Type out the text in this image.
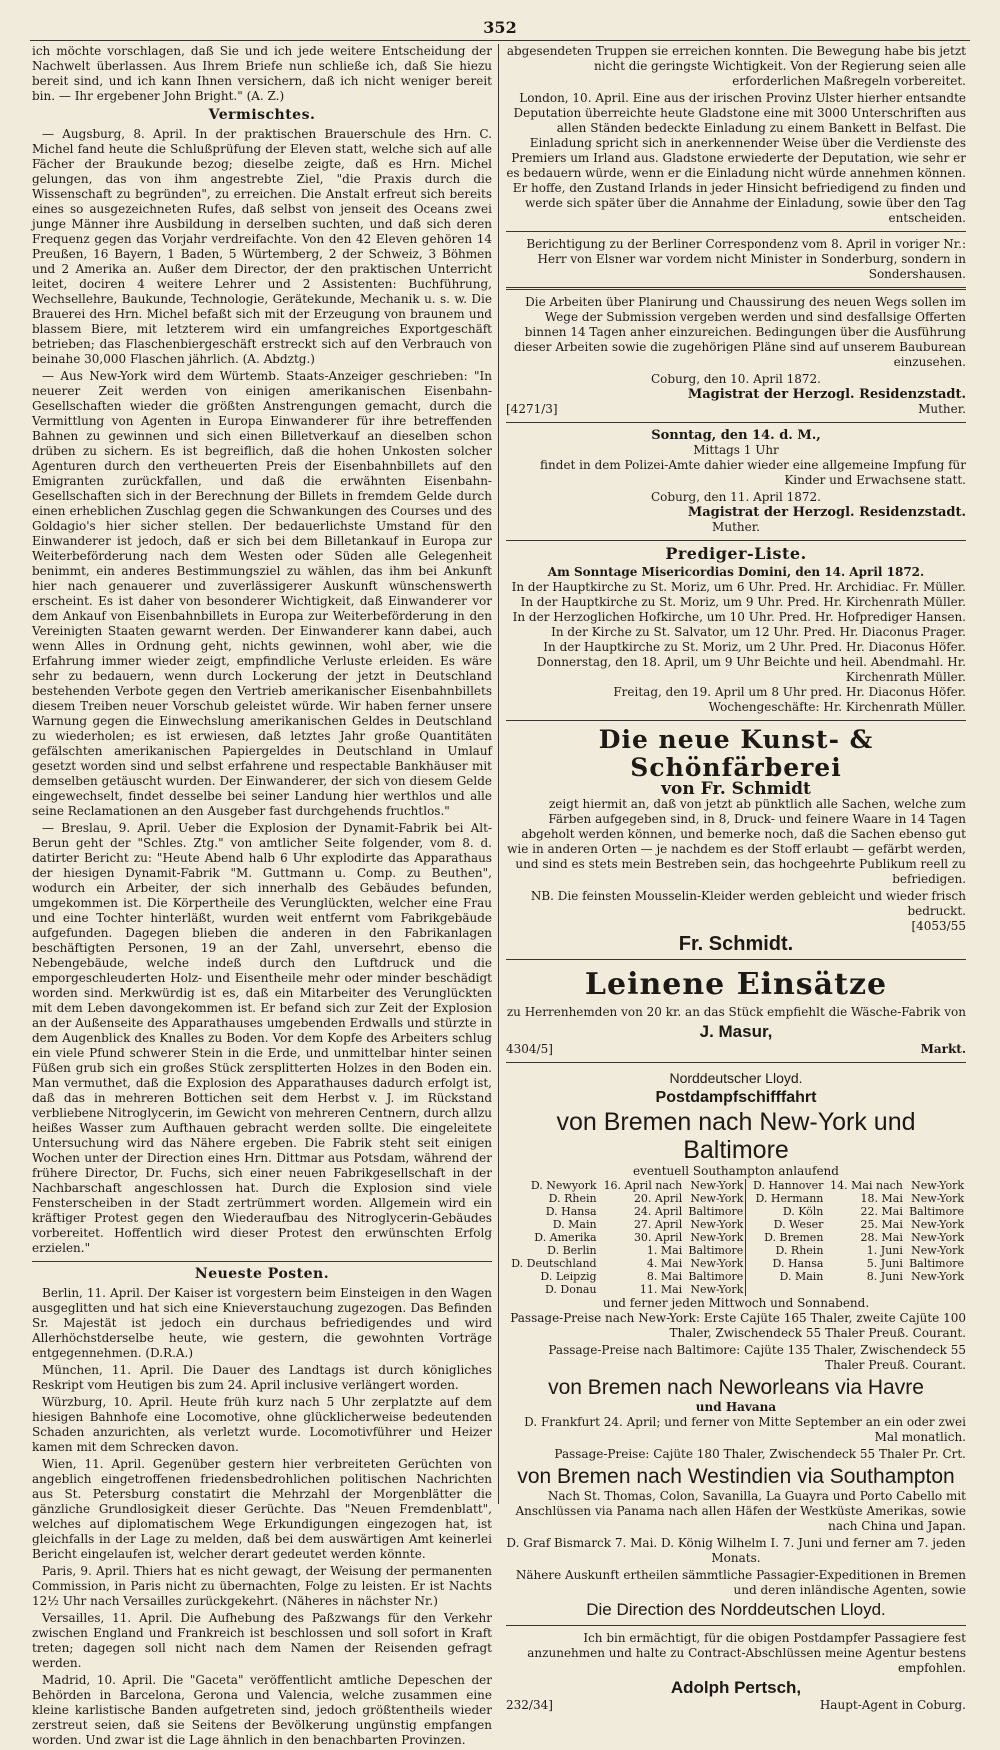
352

ich möchte vorschlagen, daß Sie und ich jede weitere Entscheidung der Nachwelt überlassen. Aus Ihrem Briefe nun schließe ich, daß Sie hiezu bereit sind, und ich kann Ihnen versichern, daß ich nicht weniger bereit bin. — Ihr ergebener John Bright." (A. Z.)

Vermischtes.

— Augsburg, 8. April. In der praktischen Brauerschule des Hrn. C. Michel fand heute die Schlußprüfung der Eleven statt, welche sich auf alle Fächer der Braukunde bezog; dieselbe zeigte, daß es Hrn. Michel gelungen, das von ihm angestrebte Ziel, "die Praxis durch die Wissenschaft zu begründen", zu erreichen. Die Anstalt erfreut sich bereits eines so ausgezeichneten Rufes, daß selbst von jenseit des Oceans zwei junge Männer ihre Ausbildung in derselben suchten, und daß sich deren Frequenz gegen das Vorjahr verdreifachte. Von den 42 Eleven gehören 14 Preußen, 16 Bayern, 1 Baden, 5 Würtemberg, 2 der Schweiz, 3 Böhmen und 2 Amerika an. Außer dem Director, der den praktischen Unterricht leitet, dociren 4 weitere Lehrer und 2 Assistenten: Buchführung, Wechsellehre, Baukunde, Technologie, Gerätekunde, Mechanik u. s. w. Die Brauerei des Hrn. Michel befaßt sich mit der Erzeugung von braunem und blassem Biere, mit letzterem wird ein umfangreiches Exportgeschäft betrieben; das Flaschenbiergeschäft erstreckt sich auf den Verbrauch von beinahe 30,000 Flaschen jährlich. (A. Abdztg.)

— Aus New-York wird dem Würtemb. Staats-Anzeiger geschrieben: "In neuerer Zeit werden von einigen amerikanischen Eisenbahn-Gesellschaften wieder die größten Anstrengungen gemacht, durch die Vermittlung von Agenten in Europa Einwanderer für ihre betreffenden Bahnen zu gewinnen und sich einen Billetverkauf an dieselben schon drüben zu sichern. Es ist begreiflich, daß die hohen Unkosten solcher Agenturen durch den vertheuerten Preis der Eisenbahnbillets auf den Emigranten zurückfallen, und daß die erwähnten Eisenbahn-Gesellschaften sich in der Berechnung der Billets in fremdem Gelde durch einen erheblichen Zuschlag gegen die Schwankungen des Courses und des Goldagio's hier sicher stellen. Der bedauerlichste Umstand für den Einwanderer ist jedoch, daß er sich bei dem Billetankauf in Europa zur Weiterbeförderung nach dem Westen oder Süden alle Gelegenheit benimmt, ein anderes Bestimmungsziel zu wählen, das ihm bei Ankunft hier nach genauerer und zuverlässigerer Auskunft wünschenswerth erscheint. Es ist daher von besonderer Wichtigkeit, daß Einwanderer vor dem Ankauf von Eisenbahnbillets in Europa zur Weiterbeförderung in den Vereinigten Staaten gewarnt werden. Der Einwanderer kann dabei, auch wenn Alles in Ordnung geht, nichts gewinnen, wohl aber, wie die Erfahrung immer wieder zeigt, empfindliche Verluste erleiden. Es wäre sehr zu bedauern, wenn durch Lockerung der jetzt in Deutschland bestehenden Verbote gegen den Vertrieb amerikanischer Eisenbahnbillets diesem Treiben neuer Vorschub geleistet würde. Wir haben ferner unsere Warnung gegen die Einwechslung amerikanischen Geldes in Deutschland zu wiederholen; es ist erwiesen, daß letztes Jahr große Quantitäten gefälschten amerikanischen Papiergeldes in Deutschland in Umlauf gesetzt worden sind und selbst erfahrene und respectable Bankhäuser mit demselben getäuscht wurden. Der Einwanderer, der sich von diesem Gelde eingewechselt, findet desselbe bei seiner Landung hier werthlos und alle seine Reclamationen an den Ausgeber fast durchgehends fruchtlos."

— Breslau, 9. April. Ueber die Explosion der Dynamit-Fabrik bei Alt-Berun geht der "Schles. Ztg." von amtlicher Seite folgender, vom 8. d. datirter Bericht zu: "Heute Abend halb 6 Uhr explodirte das Apparathaus der hiesigen Dynamit-Fabrik "M. Guttmann u. Comp. zu Beuthen", wodurch ein Arbeiter, der sich innerhalb des Gebäudes befunden, umgekommen ist. Die Körpertheile des Verunglückten, welcher eine Frau und eine Tochter hinterläßt, wurden weit entfernt vom Fabrikgebäude aufgefunden. Dagegen blieben die anderen in den Fabrikanlagen beschäftigten Personen, 19 an der Zahl, unversehrt, ebenso die Nebengebäude, welche indeß durch den Luftdruck und die emporgeschleuderten Holz- und Eisentheile mehr oder minder beschädigt worden sind. Merkwürdig ist es, daß ein Mitarbeiter des Verunglückten mit dem Leben davongekommen ist. Er befand sich zur Zeit der Explosion an der Außenseite des Apparathauses umgebenden Erdwalls und stürzte in dem Augenblick des Knalles zu Boden. Vor dem Kopfe des Arbeiters schlug ein viele Pfund schwerer Stein in die Erde, und unmittelbar hinter seinen Füßen grub sich ein großes Stück zersplitterten Holzes in den Boden ein. Man vermuthet, daß die Explosion des Apparathauses dadurch erfolgt ist, daß das in mehreren Bottichen seit dem Herbst v. J. im Rückstand verbliebene Nitroglycerin, im Gewicht von mehreren Centnern, durch allzu heißes Wasser zum Aufthauen gebracht werden sollte. Die eingeleitete Untersuchung wird das Nähere ergeben. Die Fabrik steht seit einigen Wochen unter der Direction eines Hrn. Dittmar aus Potsdam, während der frühere Director, Dr. Fuchs, sich einer neuen Fabrikgesellschaft in der Nachbarschaft angeschlossen hat. Durch die Explosion sind viele Fensterscheiben in der Stadt zertrümmert worden. Allgemein wird ein kräftiger Protest gegen den Wiederaufbau des Nitroglycerin-Gebäudes vorbereitet. Hoffentlich wird dieser Protest den erwünschten Erfolg erzielen."

Neueste Posten.

Berlin, 11. April. Der Kaiser ist vorgestern beim Einsteigen in den Wagen ausgeglitten und hat sich eine Knieverstauchung zugezogen. Das Befinden Sr. Majestät ist jedoch ein durchaus befriedigendes und wird Allerhöchstderselbe heute, wie gestern, die gewohnten Vorträge entgegennehmen. (D.R.A.)

München, 11. April. Die Dauer des Landtags ist durch königliches Reskript vom Heutigen bis zum 24. April inclusive verlängert worden.

Würzburg, 10. April. Heute früh kurz nach 5 Uhr zerplatzte auf dem hiesigen Bahnhofe eine Locomotive, ohne glücklicherweise bedeutenden Schaden anzurichten, als verletzt wurde. Locomotivführer und Heizer kamen mit dem Schrecken davon.

Wien, 11. April. Gegenüber gestern hier verbreiteten Gerüchten von angeblich eingetroffenen friedensbedrohlichen politischen Nachrichten aus St. Petersburg constatirt die Mehrzahl der Morgenblätter die gänzliche Grundlosigkeit dieser Gerüchte. Das "Neuen Fremdenblatt", welches auf diplomatischem Wege Erkundigungen eingezogen hat, ist gleichfalls in der Lage zu melden, daß bei dem auswärtigen Amt keinerlei Bericht eingelaufen ist, welcher derart gedeutet werden könnte.

Paris, 9. April. Thiers hat es nicht gewagt, der Weisung der permanenten Commission, in Paris nicht zu übernachten, Folge zu leisten. Er ist Nachts 12½ Uhr nach Versailles zurückgekehrt. (Näheres in nächster Nr.)

Versailles, 11. April. Die Aufhebung des Paßzwangs für den Verkehr zwischen England und Frankreich ist beschlossen und soll sofort in Kraft treten; dagegen soll nicht nach dem Namen der Reisenden gefragt werden.

Madrid, 10. April. Die "Gaceta" veröffentlicht amtliche Depeschen der Behörden in Barcelona, Gerona und Valencia, welche zusammen eine kleine karlistische Banden aufgetreten sind, jedoch größtentheils wieder zerstreut seien, daß sie Seitens der Bevölkerung ungünstig empfangen worden. Und zwar ist die Lage ähnlich in den benachbarten Provinzen.

abgesendeten Truppen sie erreichen konnten. Die Bewegung habe bis jetzt nicht die geringste Wichtigkeit. Von der Regierung seien alle erforderlichen Maßregeln vorbereitet.

London, 10. April. Eine aus der irischen Provinz Ulster hierher entsandte Deputation überreichte heute Gladstone eine mit 3000 Unterschriften aus allen Ständen bedeckte Einladung zu einem Bankett in Belfast. Die Einladung spricht sich in anerkennender Weise über die Verdienste des Premiers um Irland aus. Gladstone erwiederte der Deputation, wie sehr er es bedauern würde, wenn er die Einladung nicht würde annehmen können. Er hoffe, den Zustand Irlands in jeder Hinsicht befriedigend zu finden und werde sich später über die Annahme der Einladung, sowie über den Tag entscheiden.

Berichtigung zu der Berliner Correspondenz vom 8. April in voriger Nr.: Herr von Elsner war vordem nicht Minister in Sonderburg, sondern in Sondershausen.

Die Arbeiten über Planirung und Chaussirung des neuen Wegs sollen im Wege der Submission vergeben werden und sind desfallsige Offerten binnen 14 Tagen anher einzureichen. Bedingungen über die Ausführung dieser Arbeiten sowie die zugehörigen Pläne sind auf unserem Bauburean einzusehen.

Coburg, den 10. April 1872.
Magistrat der Herzogl. Residenzstadt.
[4271/3]	Muther.
Sonntag, den 14. d. M.,
Mittags 1 Uhr

findet in dem Polizei-Amte dahier wieder eine allgemeine Impfung für Kinder und Erwachsene statt.

Coburg, den 11. April 1872.
Magistrat der Herzogl. Residenzstadt.
Muther.
Prediger-Liste.
Am Sonntage Misericordias Domini, den 14. April 1872.
In der Hauptkirche zu St. Moriz, um 6 Uhr. Pred. Hr. Archidiac. Fr. Müller.
In der Hauptkirche zu St. Moriz, um 9 Uhr. Pred. Hr. Kirchenrath Müller.
In der Herzoglichen Hofkirche, um 10 Uhr. Pred. Hr. Hofprediger Hansen.
In der Kirche zu St. Salvator, um 12 Uhr. Pred. Hr. Diaconus Prager.
In der Hauptkirche zu St. Moriz, um 2 Uhr. Pred. Hr. Diaconus Höfer.
Donnerstag, den 18. April, um 9 Uhr Beichte und heil. Abendmahl. Hr. Kirchenrath Müller.
Freitag, den 19. April um 8 Uhr pred. Hr. Diaconus Höfer.
Wochengeschäfte: Hr. Kirchenrath Müller.
Die neue Kunst- & Schönfärberei
von Fr. Schmidt

zeigt hiermit an, daß von jetzt ab pünktlich alle Sachen, welche zum Färben aufgegeben sind, in 8, Druck- und feinere Waare in 14 Tagen abgeholt werden können, und bemerke noch, daß die Sachen ebenso gut wie in anderen Orten — je nachdem es der Stoff erlaubt — gefärbt werden, und sind es stets mein Bestreben sein, das hochgeehrte Publikum reell zu befriedigen.

NB. Die feinsten Mousselin-Kleider werden gebleicht und wieder frisch bedruckt.
[4053/55
Fr. Schmidt.
Leinene Einsätze

zu Herrenhemden von 20 kr. an das Stück empfiehlt die Wäsche-Fabrik von

J. Masur,
4304/5]	Markt.
Norddeutscher Lloyd.
Postdampfschifffahrt
von Bremen nach New-York und Baltimore
eventuell Southampton anlaufend
D. Newyork	16. April nach	New-York	D. Hannover	14. Mai nach	New-York
D. Rhein	20. April	New-York	D. Hermann	18. Mai	New-York
D. Hansa	24. April	Baltimore	D. Köln	22. Mai	Baltimore
D. Main	27. April	New-York	D. Weser	25. Mai	New-York
D. Amerika	30. April	New-York	D. Bremen	28. Mai	New-York
D. Berlin	1. Mai	Baltimore	D. Rhein	1. Juni	New-York
D. Deutschland	4. Mai	New-York	D. Hansa	5. Juni	Baltimore
D. Leipzig	8. Mai	Baltimore	D. Main	8. Juni	New-York
D. Donau	11. Mai	New-York			
und ferner jeden Mittwoch und Sonnabend.

Passage-Preise nach New-York: Erste Cajüte 165 Thaler, zweite Cajüte 100 Thaler, Zwischendeck 55 Thaler Preuß. Courant.

Passage-Preise nach Baltimore: Cajüte 135 Thaler, Zwischendeck 55 Thaler Preuß. Courant.

von Bremen nach Neworleans via Havre
und Havana

D. Frankfurt 24. April; und ferner von Mitte September an ein oder zwei Mal monatlich.

Passage-Preise: Cajüte 180 Thaler, Zwischendeck 55 Thaler Pr. Crt.

von Bremen nach Westindien via Southampton

Nach St. Thomas, Colon, Savanilla, La Guayra und Porto Cabello mit Anschlüssen via Panama nach allen Häfen der Westküste Amerikas, sowie nach China und Japan.

D. Graf Bismarck 7. Mai. D. König Wilhelm I. 7. Juni und ferner am 7. jeden Monats.

Nähere Auskunft ertheilen sämmtliche Passagier-Expeditionen in Bremen und deren inländische Agenten, sowie

Die Direction des Norddeutschen Lloyd.

Ich bin ermächtigt, für die obigen Postdampfer Passagiere fest anzunehmen und halte zu Contract-Abschlüssen meine Agentur bestens empfohlen.

Adolph Pertsch,
232/34]	Haupt-Agent in Coburg.
